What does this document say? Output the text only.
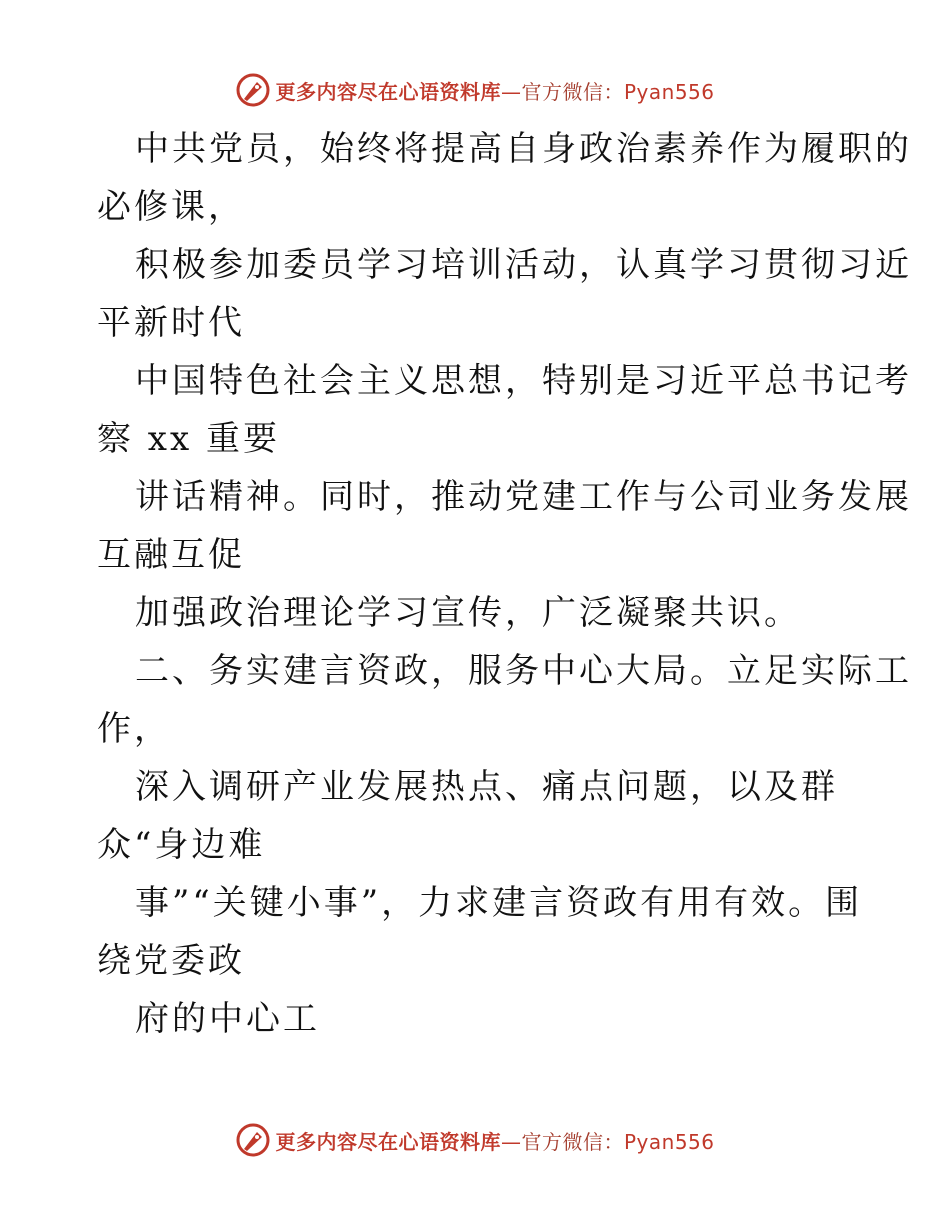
更多内容尽在心语资料库—官方微信：Pyan556
中共党员，始终将提高自身政治素养作为履职的
必修课，
积极参加委员学习培训活动，认真学习贯彻习近
平新时代
中国特色社会主义思想，特别是习近平总书记考
察 xx 重要
讲话精神。同时，推动党建工作与公司业务发展
互融互促
加强政治理论学习宣传，广泛凝聚共识。
二、务实建言资政，服务中心大局。立足实际工
作，
深入调研产业发展热点、痛点问题，以及群
众“身边难
事”“关键小事”，力求建言资政有用有效。围
绕党委政
府的中心工
更多内容尽在心语资料库—官方微信：Pyan556
